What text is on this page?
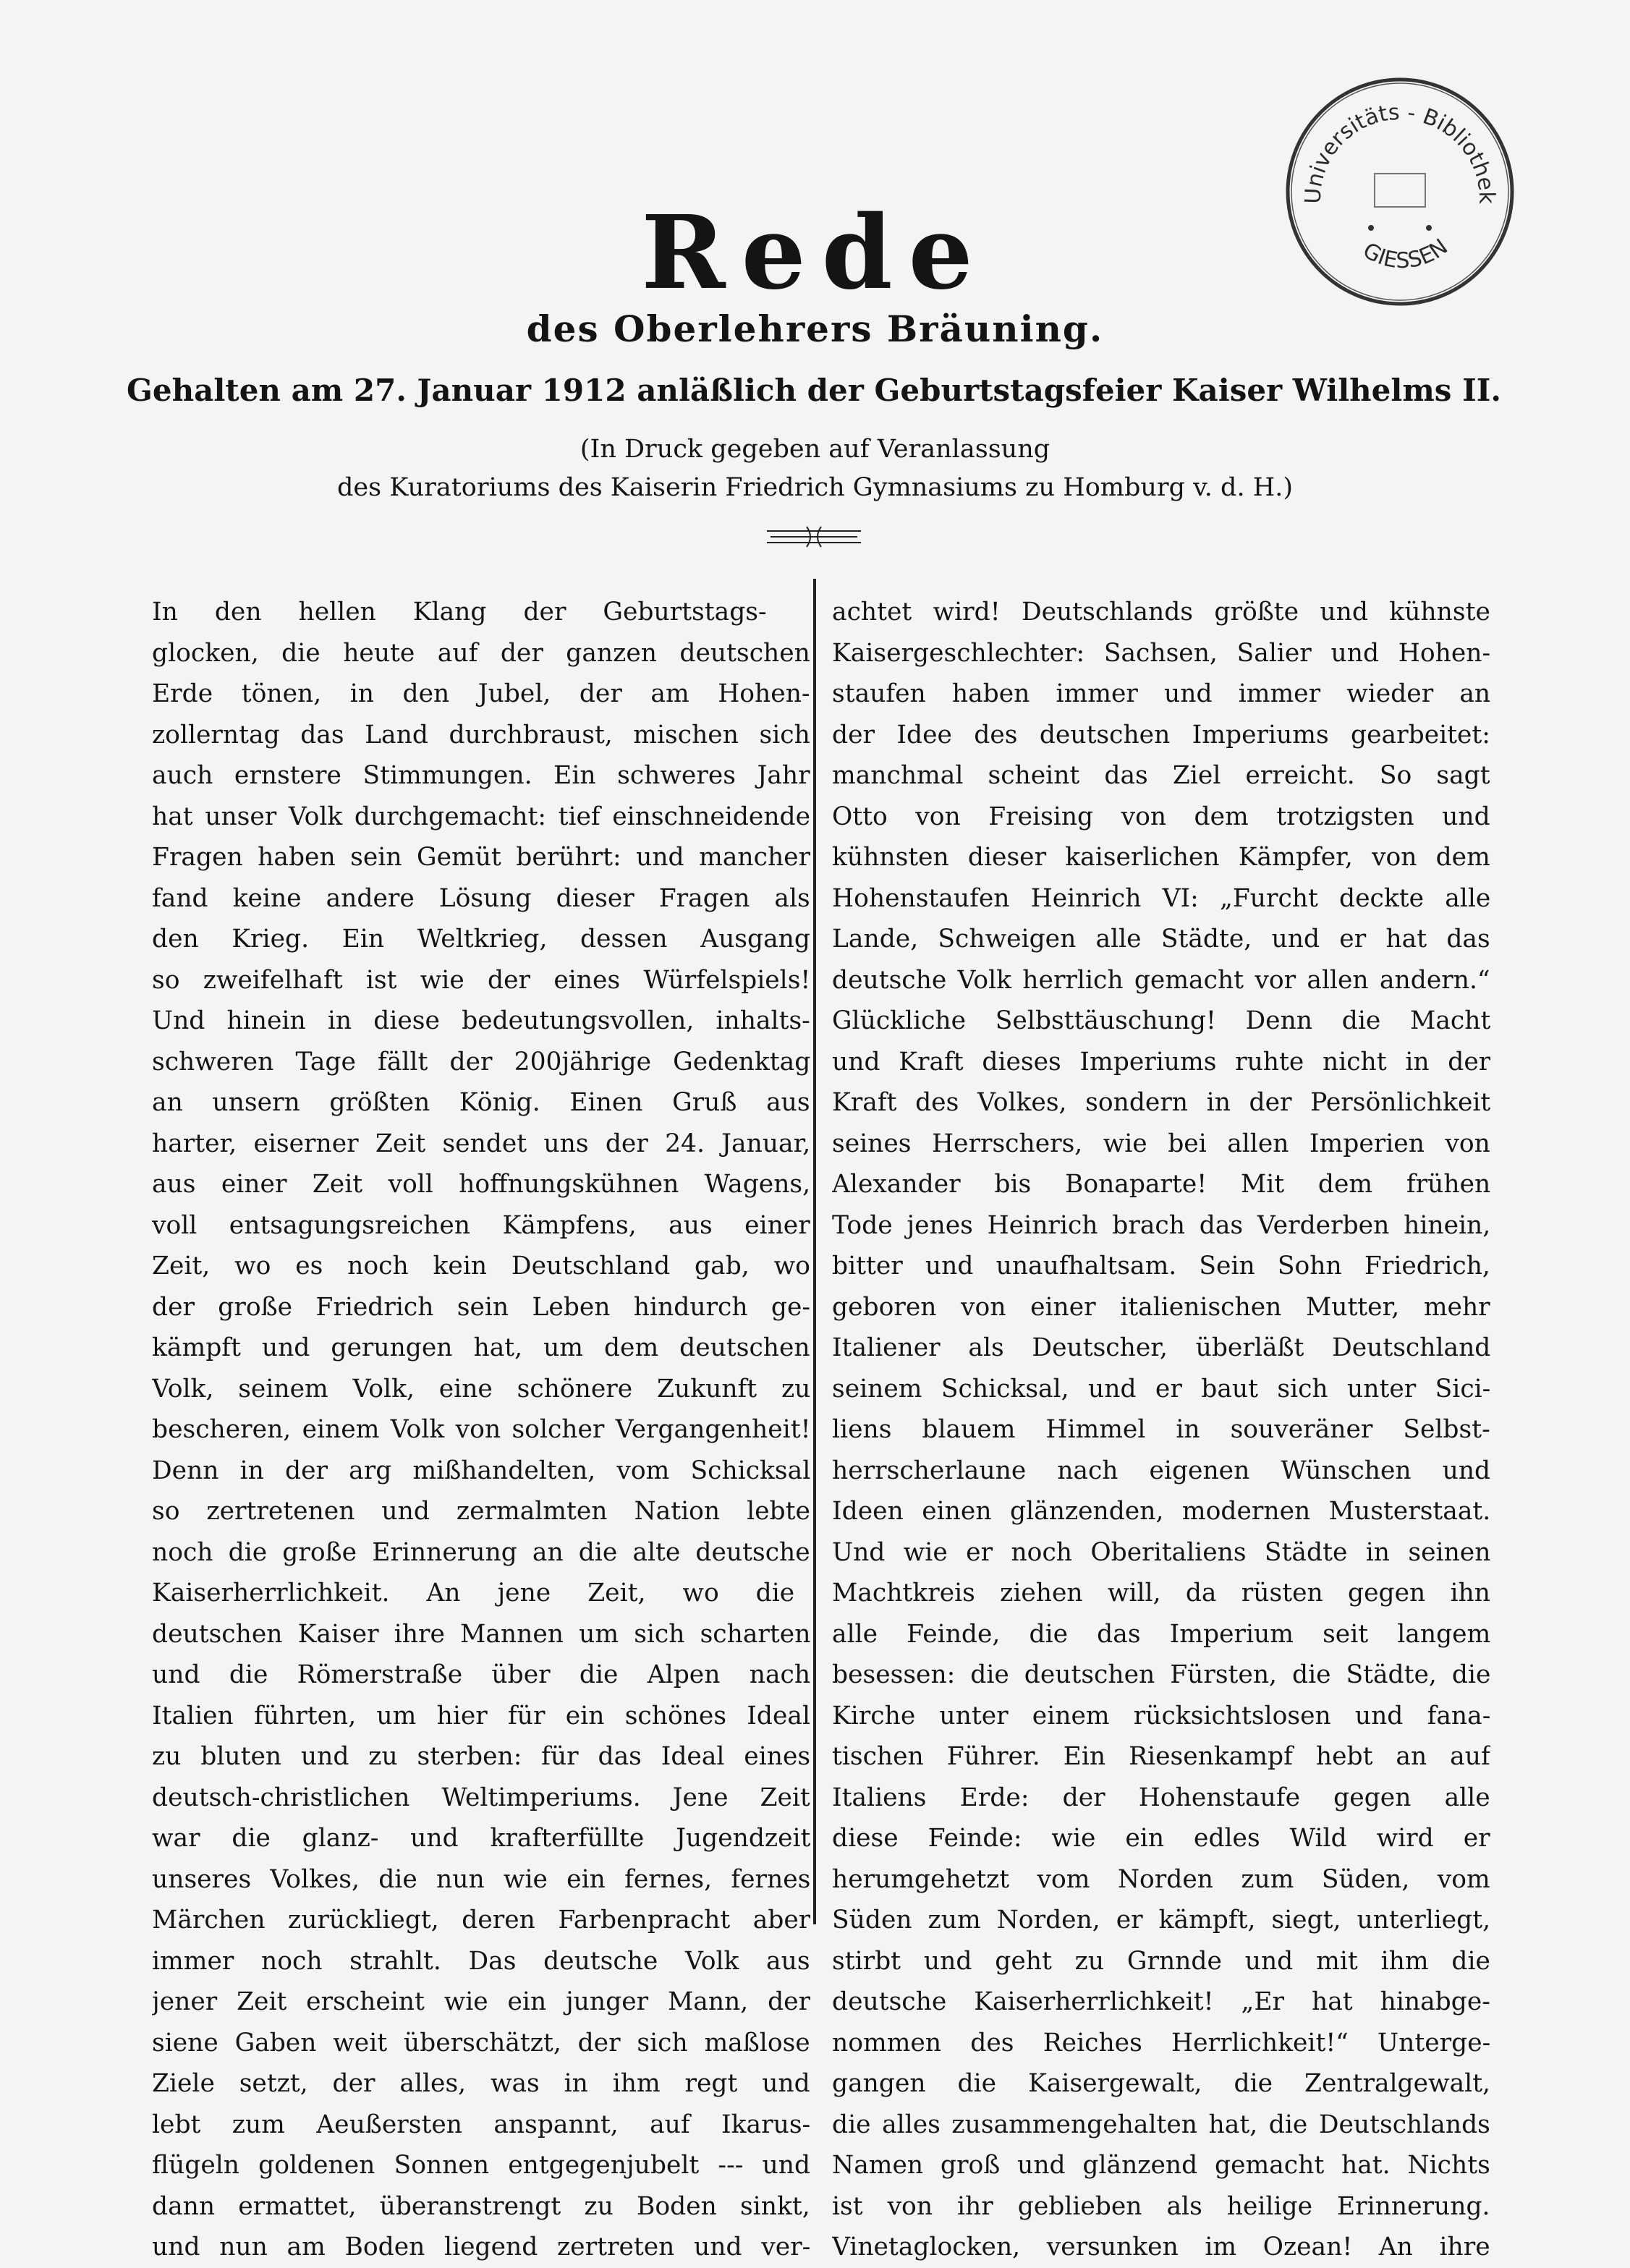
Universitäts - Bibliothek
GIESSEN
Rede
des Oberlehrers Bräuning.
Gehalten am 27. Januar 1912 anläßlich der Geburtstagsfeier Kaiser Wilhelms II.
(In Druck gegeben auf Veranlassung
des Kuratoriums des Kaiserin Friedrich Gymnasiums zu Homburg v. d. H.)
In den hellen Klang der Geburtstags-
glocken, die heute auf der ganzen deutschen
Erde tönen, in den Jubel, der am Hohen-
zollerntag das Land durchbraust, mischen sich
auch ernstere Stimmungen. Ein schweres Jahr
hat unser Volk durchgemacht: tief einschneidende
Fragen haben sein Gemüt berührt: und mancher
fand keine andere Lösung dieser Fragen als
den Krieg. Ein Weltkrieg, dessen Ausgang
so zweifelhaft ist wie der eines Würfelspiels!
Und hinein in diese bedeutungsvollen, inhalts-
schweren Tage fällt der 200jährige Gedenktag
an unsern größten König. Einen Gruß aus
harter, eiserner Zeit sendet uns der 24. Januar,
aus einer Zeit voll hoffnungskühnen Wagens,
voll entsagungsreichen Kämpfens, aus einer
Zeit, wo es noch kein Deutschland gab, wo
der große Friedrich sein Leben hindurch ge-
kämpft und gerungen hat, um dem deutschen
Volk, seinem Volk, eine schönere Zukunft zu
bescheren, einem Volk von solcher Vergangenheit!
Denn in der arg mißhandelten, vom Schicksal
so zertretenen und zermalmten Nation lebte
noch die große Erinnerung an die alte deutsche
Kaiserherrlichkeit. An jene Zeit, wo die
deutschen Kaiser ihre Mannen um sich scharten
und die Römerstraße über die Alpen nach
Italien führten, um hier für ein schönes Ideal
zu bluten und zu sterben: für das Ideal eines
deutsch-christlichen Weltimperiums. Jene Zeit
war die glanz- und krafterfüllte Jugendzeit
unseres Volkes, die nun wie ein fernes, fernes
Märchen zurückliegt, deren Farbenpracht aber
immer noch strahlt. Das deutsche Volk aus
jener Zeit erscheint wie ein junger Mann, der
siene Gaben weit überschätzt, der sich maßlose
Ziele setzt, der alles, was in ihm regt und
lebt zum Aeußersten anspannt, auf Ikarus-
flügeln goldenen Sonnen entgegenjubelt --- und
dann ermattet, überanstrengt zu Boden sinkt,
und nun am Boden liegend zertreten und ver-
achtet wird! Deutschlands größte und kühnste
Kaisergeschlechter: Sachsen, Salier und Hohen-
staufen haben immer und immer wieder an
der Idee des deutschen Imperiums gearbeitet:
manchmal scheint das Ziel erreicht. So sagt
Otto von Freising von dem trotzigsten und
kühnsten dieser kaiserlichen Kämpfer, von dem
Hohenstaufen Heinrich VI: „Furcht deckte alle
Lande, Schweigen alle Städte, und er hat das
deutsche Volk herrlich gemacht vor allen andern.“
Glückliche Selbsttäuschung! Denn die Macht
und Kraft dieses Imperiums ruhte nicht in der
Kraft des Volkes, sondern in der Persönlichkeit
seines Herrschers, wie bei allen Imperien von
Alexander bis Bonaparte! Mit dem frühen
Tode jenes Heinrich brach das Verderben hinein,
bitter und unaufhaltsam. Sein Sohn Friedrich,
geboren von einer italienischen Mutter, mehr
Italiener als Deutscher, überläßt Deutschland
seinem Schicksal, und er baut sich unter Sici-
liens blauem Himmel in souveräner Selbst-
herrscherlaune nach eigenen Wünschen und
Ideen einen glänzenden, modernen Musterstaat.
Und wie er noch Oberitaliens Städte in seinen
Machtkreis ziehen will, da rüsten gegen ihn
alle Feinde, die das Imperium seit langem
besessen: die deutschen Fürsten, die Städte, die
Kirche unter einem rücksichtslosen und fana-
tischen Führer. Ein Riesenkampf hebt an auf
Italiens Erde: der Hohenstaufe gegen alle
diese Feinde: wie ein edles Wild wird er
herumgehetzt vom Norden zum Süden, vom
Süden zum Norden, er kämpft, siegt, unterliegt,
stirbt und geht zu Grnnde und mit ihm die
deutsche Kaiserherrlichkeit! „Er hat hinabge-
nommen des Reiches Herrlichkeit!“ Unterge-
gangen die Kaisergewalt, die Zentralgewalt,
die alles zusammengehalten hat, die Deutschlands
Namen groß und glänzend gemacht hat. Nichts
ist von ihr geblieben als heilige Erinnerung.
Vinetaglocken, versunken im Ozean! An ihre
